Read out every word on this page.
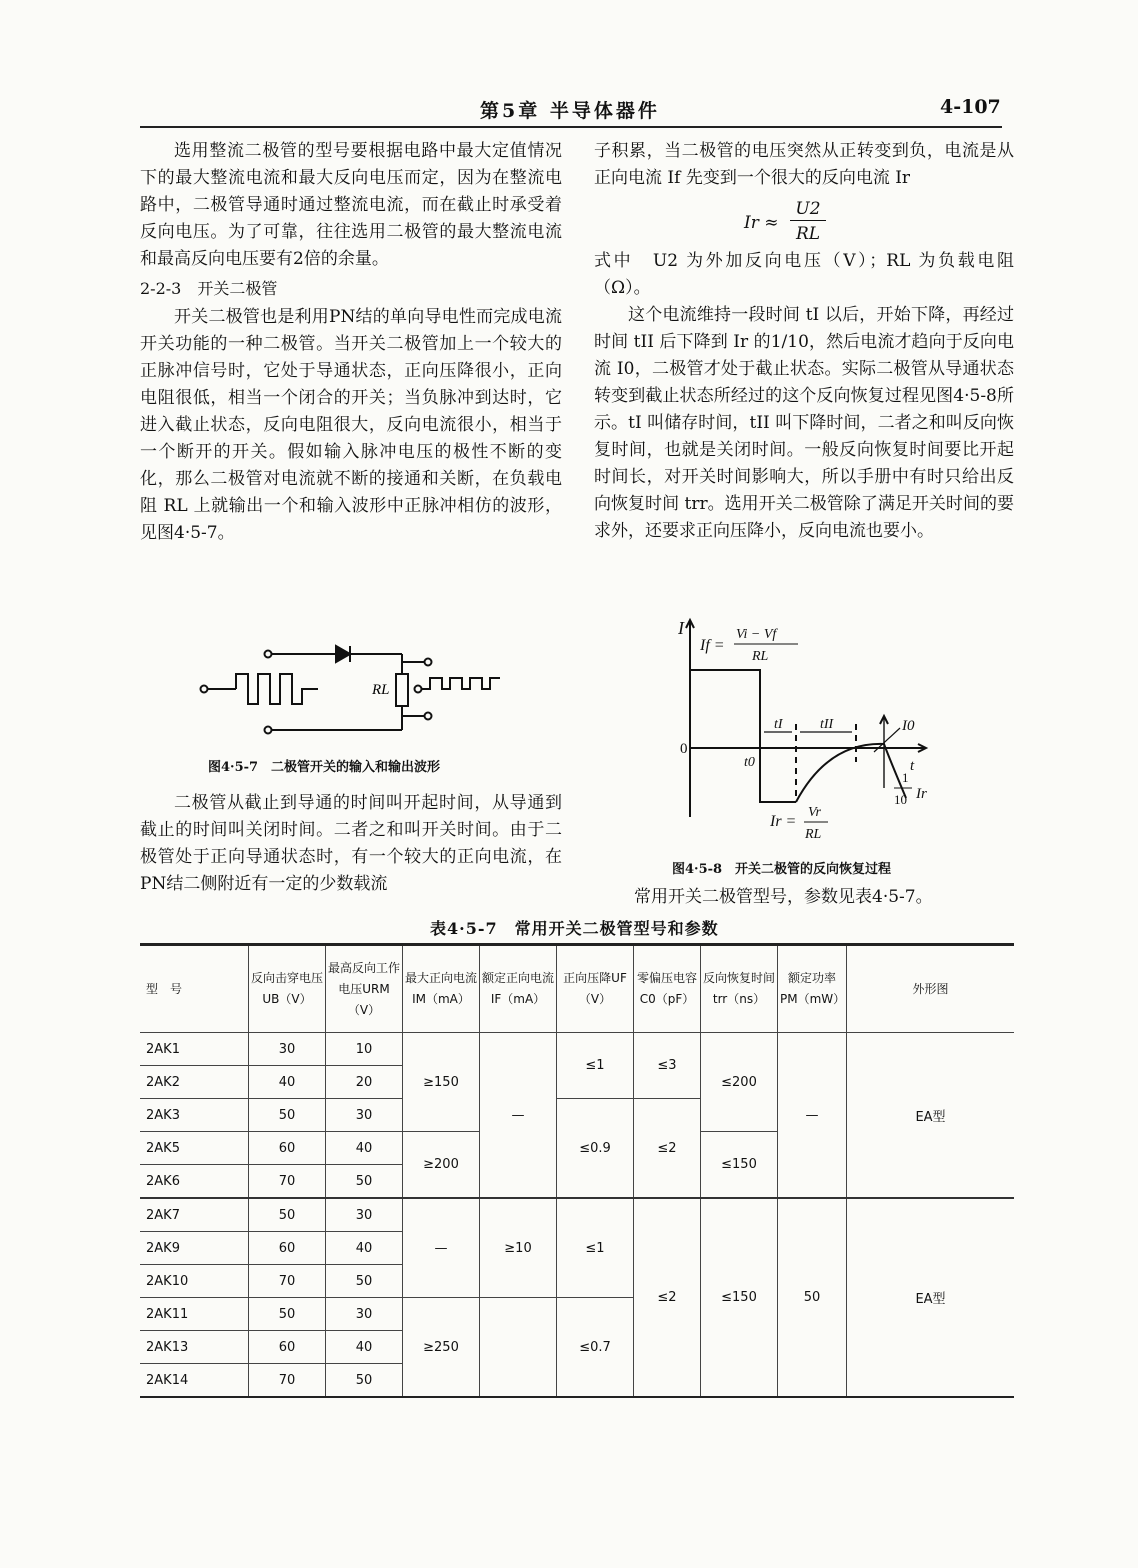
第5章 半导体器件	4-107

选用整流二极管的型号要根据电路中最大定值情况下的最大整流电流和最大反向电压而定，因为在整流电路中，二极管导通时通过整流电流，而在截止时承受着反向电压。为了可靠，往往选用二极管的最大整流电流和最高反向电压要有2倍的余量。

2-2-3　开关二极管

开关二极管也是利用PN结的单向导电性而完成电流开关功能的一种二极管。当开关二极管加上一个较大的正脉冲信号时，它处于导通状态，正向压降很小，正向电阻很低，相当一个闭合的开关；当负脉冲到达时，它进入截止状态，反向电阻很大，反向电流很小，相当于一个断开的开关。假如输入脉冲电压的极性不断的变化，那么二极管对电流就不断的接通和关断，在负载电阻 RL 上就输出一个和输入波形中正脉冲相仿的波形，见图4·5-7。

RL
图4·5-7　二极管开关的输入和输出波形

二极管从截止到导通的时间叫开起时间，从导通到截止的时间叫关闭时间。二者之和叫开关时间。由于二极管处于正向导通状态时，有一个较大的正向电流，在PN结二侧附近有一定的少数载流

子积累，当二极管的电压突然从正转变到负，电流是从正向电流 If 先变到一个很大的反向电流 Ir

Ir ≈
U2
RL

式中　U2 为外加反向电压（V）；RL 为负载电阻（Ω）。

这个电流维持一段时间 tI 以后，开始下降，再经过时间 tII 后下降到 Ir 的1/10，然后电流才趋向于反向电流 I0，二极管才处于截止状态。实际二极管从导通状态转变到截止状态所经过的这个反向恢复过程见图4·5-8所示。tI 叫储存时间，tII 叫下降时间，二者之和叫反向恢复时间，也就是关闭时间。一般反向恢复时间要比开起时间长，对开关时间影响大，所以手册中有时只给出反向恢复时间 trr。选用开关二极管除了满足开关时间的要求外，还要求正向压降小，反向电流也要小。

I
If =
Vi − Vf
RL
0
t0
tI	tII	I0
t
1
10 Ir
Ir =
Vr
RL
图4·5-8　开关二极管的反向恢复过程
常用开关二极管型号，参数见表4·5-7。
表4·5-7　常用开关二极管型号和参数
型　号	反向击穿电压UB（V）	最高反向工作电压URM（V）	最大正向电流IM（mA）	额定正向电流IF（mA）	正向压降UF（V）	零偏压电容C0（pF）	反向恢复时间trr（ns）	额定功率PM（mW）	外形图
2AK1	30	10	≥150	—	≤1	≤3	≤200	—	EA型
2AK2	40	20							
2AK3	50	30			≤0.9	≤2			
2AK5	60	40	≥200				≤150		
2AK6	70	50							
2AK7	50	30	—	≥10	≤1	≤2	≤150	50	EA型
2AK9	60	40							
2AK10	70	50							
2AK11	50	30	≥250		≤0.7				
2AK13	60	40							
2AK14	70	50							
